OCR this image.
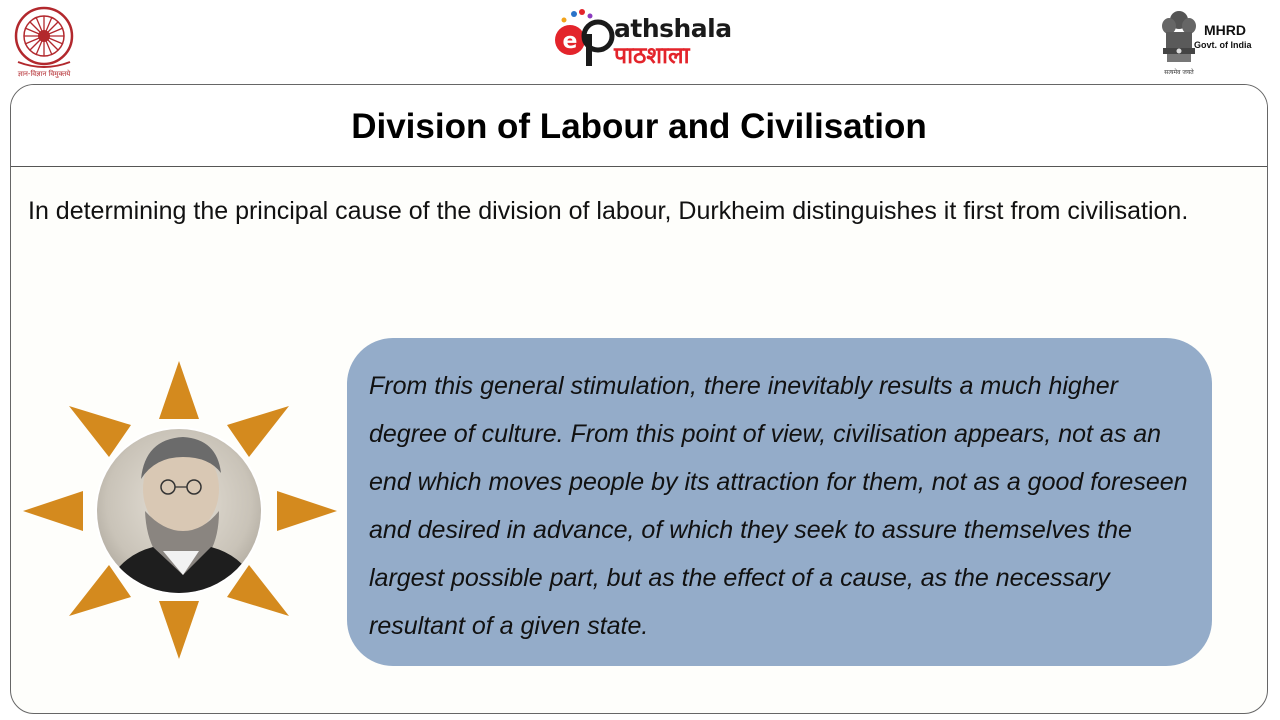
ज्ञान-विज्ञान विमुक्तये
e athshala
पाठशाला
MHRD
Govt. of India
सत्यमेव जयते
Division of Labour and Civilisation
In determining the principal cause of the division of labour, Durkheim distinguishes it first from civilisation.

From this general stimulation, there inevitably results a much higher degree of culture. From this point of view, civilisation appears, not as an end which moves people by its attraction for them, not as a good foreseen and desired in advance, of which they seek to assure themselves the largest possible part, but as the effect of a cause, as the necessary resultant of a given state.
